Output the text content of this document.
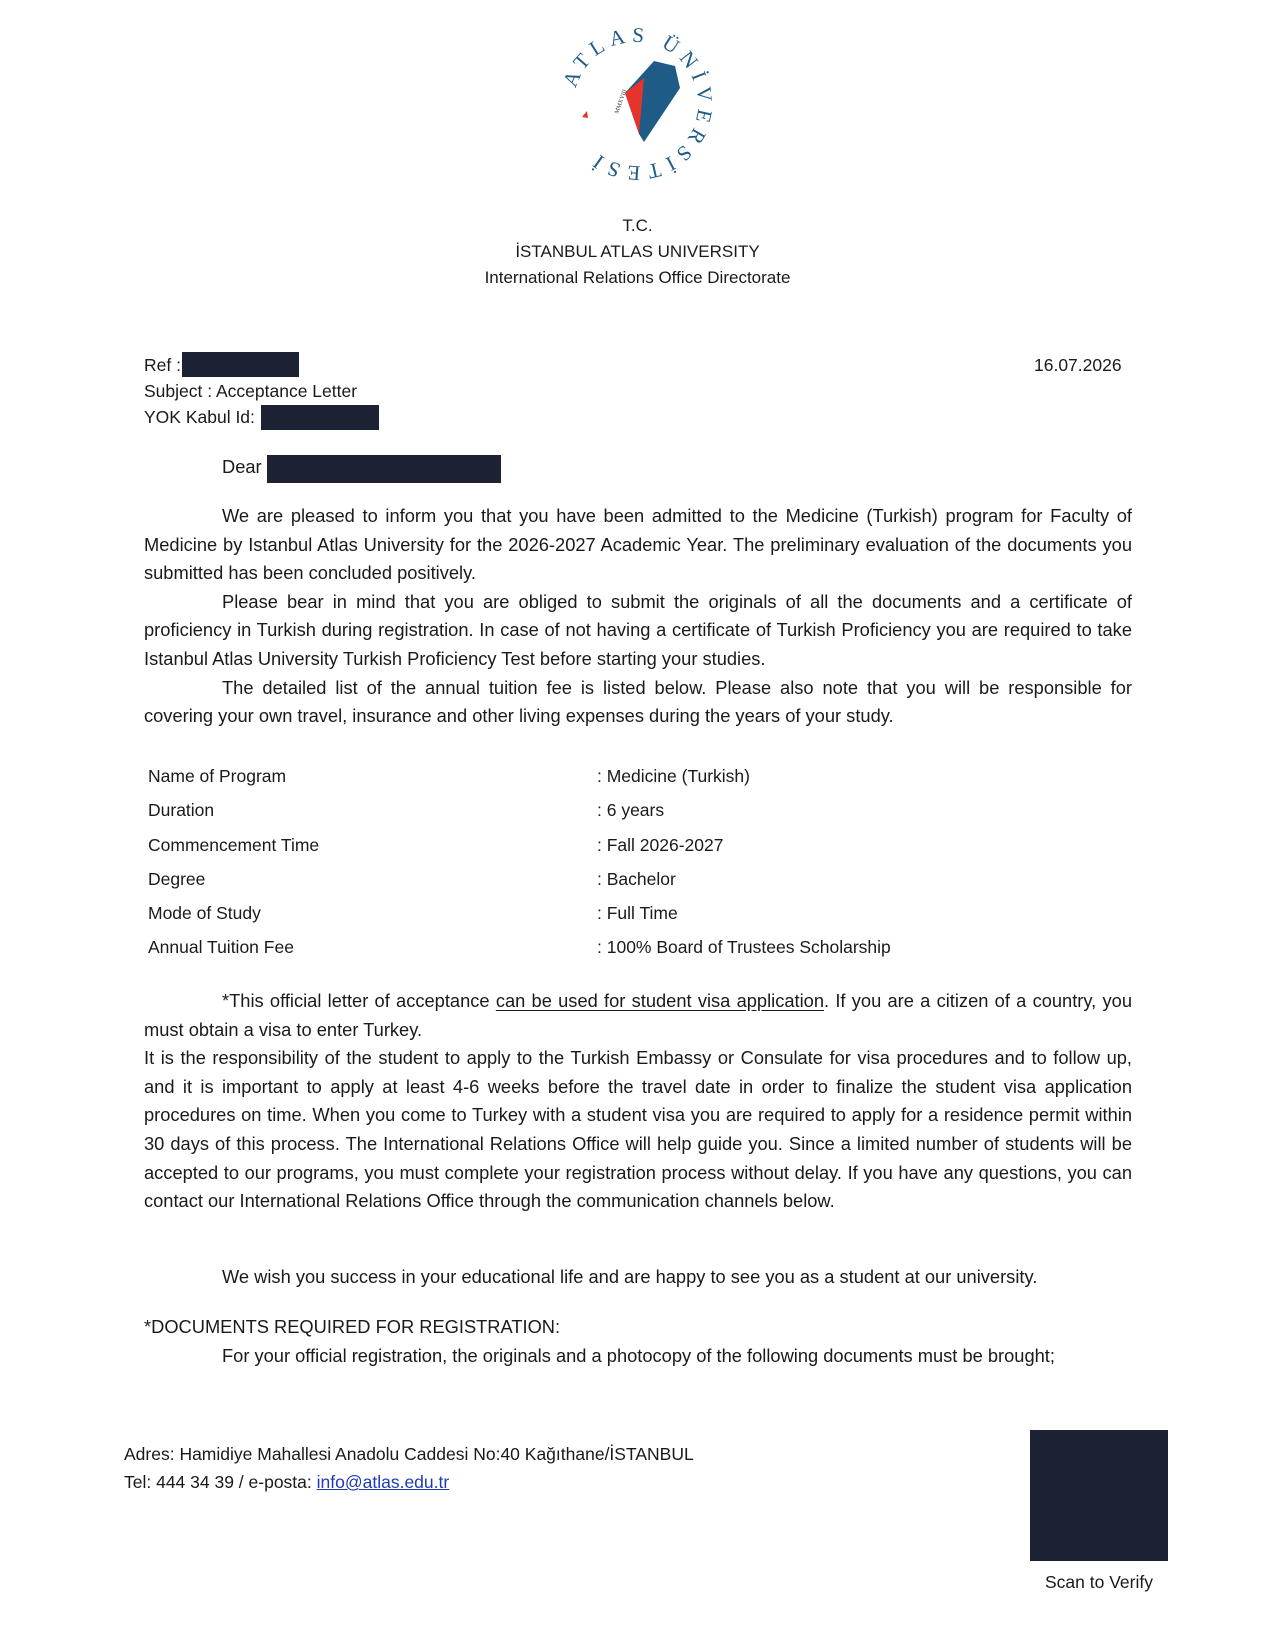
ATLAS ÜNİVERSİTESİ
MMXVIII
T.C.
İSTANBUL ATLAS UNIVERSITY
International Relations Office Directorate
Ref :	16.07.2026
Subject : Acceptance Letter
YOK Kabul Id:
Dear

We are pleased to inform you that you have been admitted to the Medicine (Turkish) program for Faculty of Medicine by Istanbul Atlas University for the 2026-2027 Academic Year. The preliminary evaluation of the documents you submitted has been concluded positively.

Please bear in mind that you are obliged to submit the originals of all the documents and a certificate of proficiency in Turkish during registration. In case of not having a certificate of Turkish Proficiency you are required to take Istanbul Atlas University Turkish Proficiency Test before starting your studies.

The detailed list of the annual tuition fee is listed below. Please also note that you will be responsible for covering your own travel, insurance and other living expenses during the years of your study.

Name of Program	: Medicine (Turkish)
Duration	: 6 years
Commencement Time	: Fall 2026-2027
Degree	: Bachelor
Mode of Study	: Full Time
Annual Tuition Fee	: 100% Board of Trustees Scholarship

*This official letter of acceptance can be used for student visa application. If you are a citizen of a country, you must obtain a visa to enter Turkey.

It is the responsibility of the student to apply to the Turkish Embassy or Consulate for visa procedures and to follow up, and it is important to apply at least 4-6 weeks before the travel date in order to finalize the student visa application procedures on time. When you come to Turkey with a student visa you are required to apply for a residence permit within 30 days of this process. The International Relations Office will help guide you. Since a limited number of students will be accepted to our programs, you must complete your registration process without delay. If you have any questions, you can contact our International Relations Office through the communication channels below.

We wish you success in your educational life and are happy to see you as a student at our university.

*DOCUMENTS REQUIRED FOR REGISTRATION:

For your official registration, the originals and a photocopy of the following documents must be brought;

Adres: Hamidiye Mahallesi Anadolu Caddesi No:40 Kağıthane/İSTANBUL
Tel: 444 34 39 / e-posta: info@atlas.edu.tr
Scan to Verify
